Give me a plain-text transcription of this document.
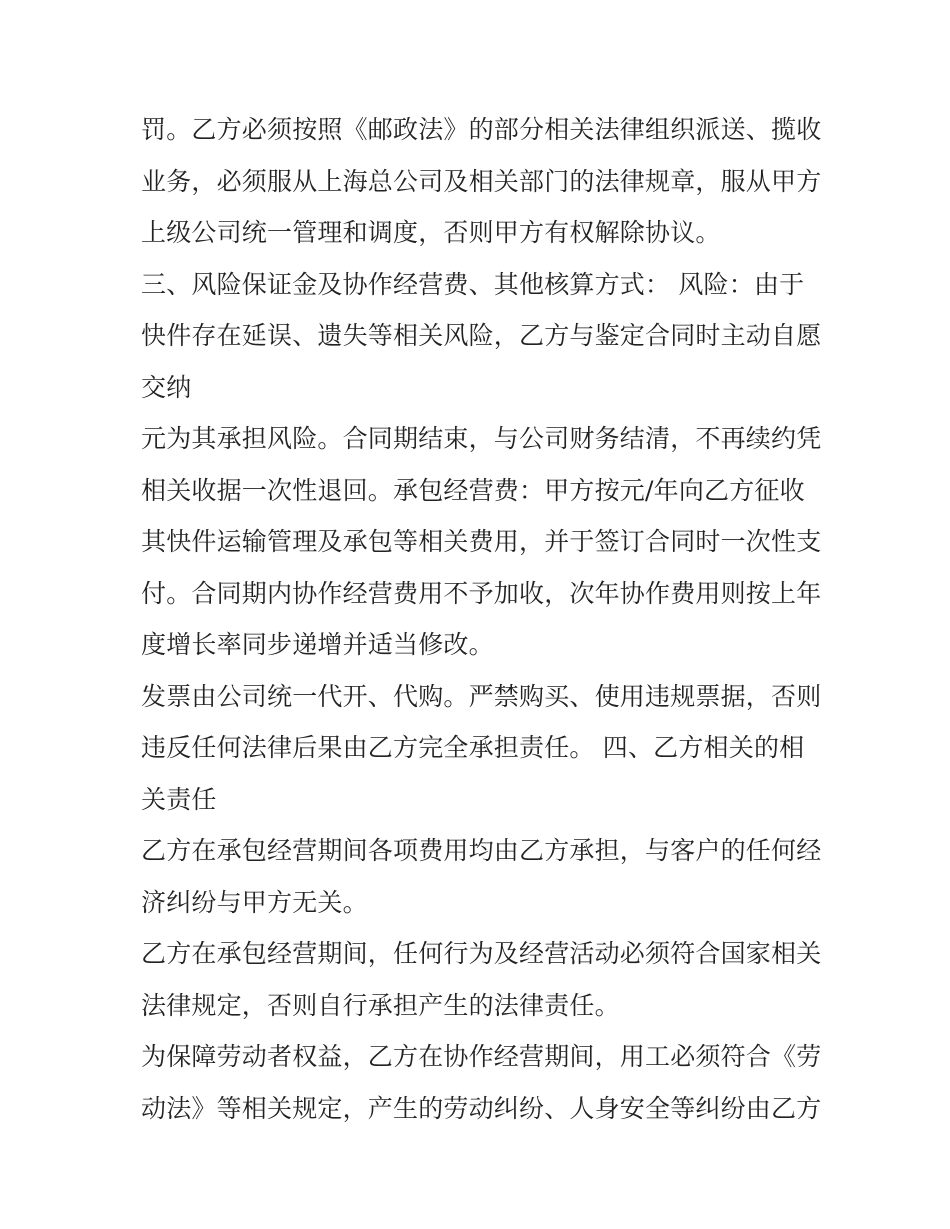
罚。乙方必须按照《邮政法》的部分相关法律组织派送、揽收
业务，必须服从上海总公司及相关部门的法律规章，服从甲方
上级公司统一管理和调度，否则甲方有权解除协议。
三、风险保证金及协作经营费、其他核算方式： 风险：由于
快件存在延误、遗失等相关风险，乙方与鉴定合同时主动自愿
交纳
元为其承担风险。合同期结束，与公司财务结清，不再续约凭
相关收据一次性退回。承包经营费：甲方按元/年向乙方征收
其快件运输管理及承包等相关费用，并于签订合同时一次性支
付。合同期内协作经营费用不予加收，次年协作费用则按上年
度增长率同步递增并适当修改。
发票由公司统一代开、代购。严禁购买、使用违规票据，否则
违反任何法律后果由乙方完全承担责任。 四、乙方相关的相
关责任
乙方在承包经营期间各项费用均由乙方承担，与客户的任何经
济纠纷与甲方无关。
乙方在承包经营期间，任何行为及经营活动必须符合国家相关
法律规定，否则自行承担产生的法律责任。
为保障劳动者权益，乙方在协作经营期间，用工必须符合《劳
动法》等相关规定，产生的劳动纠纷、人身安全等纠纷由乙方
